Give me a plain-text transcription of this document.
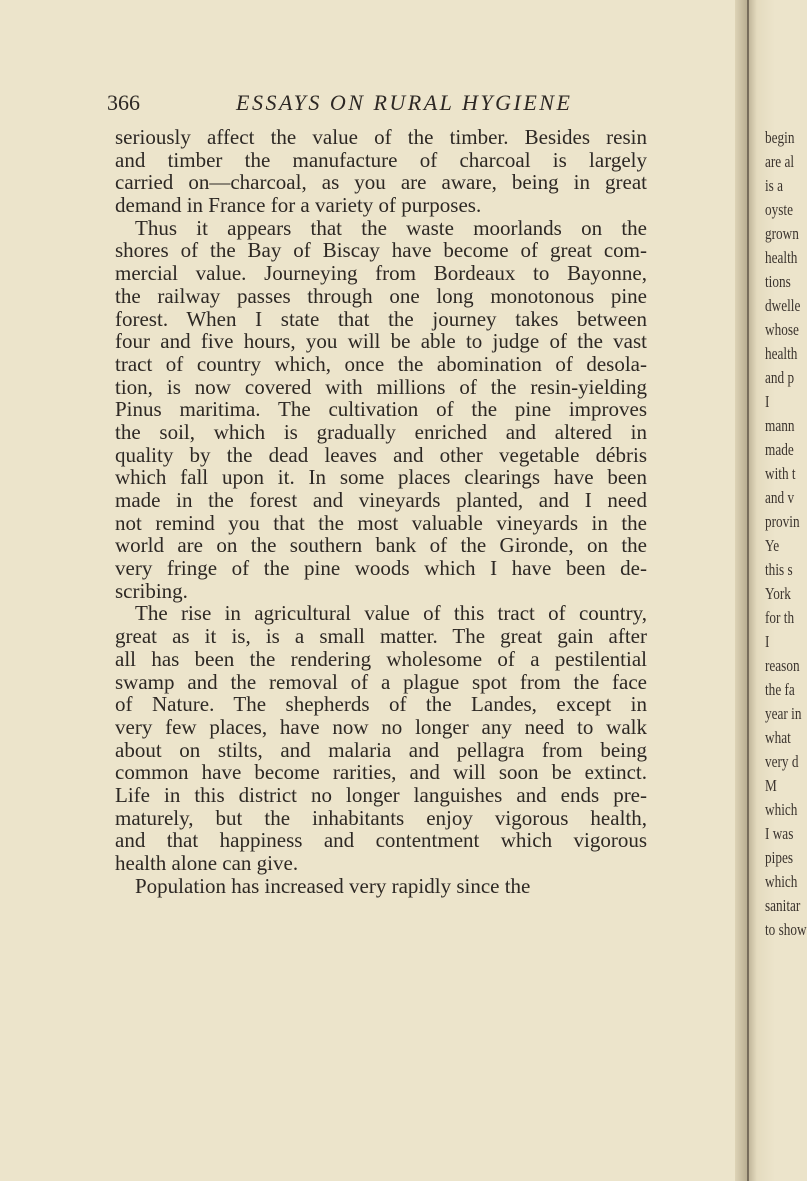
366	ESSAYS ON RURAL HYGIENE
seriously affect the value of the timber. Besides resin
and timber the manufacture of charcoal is largely
carried on—charcoal, as you are aware, being in great
demand in France for a variety of purposes.
Thus it appears that the waste moorlands on the
shores of the Bay of Biscay have become of great com-
mercial value. Journeying from Bordeaux to Bayonne,
the railway passes through one long monotonous pine
forest. When I state that the journey takes between
four and five hours, you will be able to judge of the vast
tract of country which, once the abomination of desola-
tion, is now covered with millions of the resin-yielding
Pinus maritima. The cultivation of the pine improves
the soil, which is gradually enriched and altered in
quality by the dead leaves and other vegetable débris
which fall upon it. In some places clearings have been
made in the forest and vineyards planted, and I need
not remind you that the most valuable vineyards in the
world are on the southern bank of the Gironde, on the
very fringe of the pine woods which I have been de-
scribing.
The rise in agricultural value of this tract of country,
great as it is, is a small matter. The great gain after
all has been the rendering wholesome of a pestilential
swamp and the removal of a plague spot from the face
of Nature. The shepherds of the Landes, except in
very few places, have now no longer any need to walk
about on stilts, and malaria and pellagra from being
common have become rarities, and will soon be extinct.
Life in this district no longer languishes and ends pre-
maturely, but the inhabitants enjoy vigorous health,
and that happiness and contentment which vigorous
health alone can give.
Population has increased very rapidly since the
begin
are al
is a
oyste
grown
health
tions
dwelle
whose
health
and p
I
mann
made
with t
and v
provin
Ye
this s
York
for th
I
reason
the fa
year in
what
very d
M
which
I was
pipes
which
sanitar
to show
